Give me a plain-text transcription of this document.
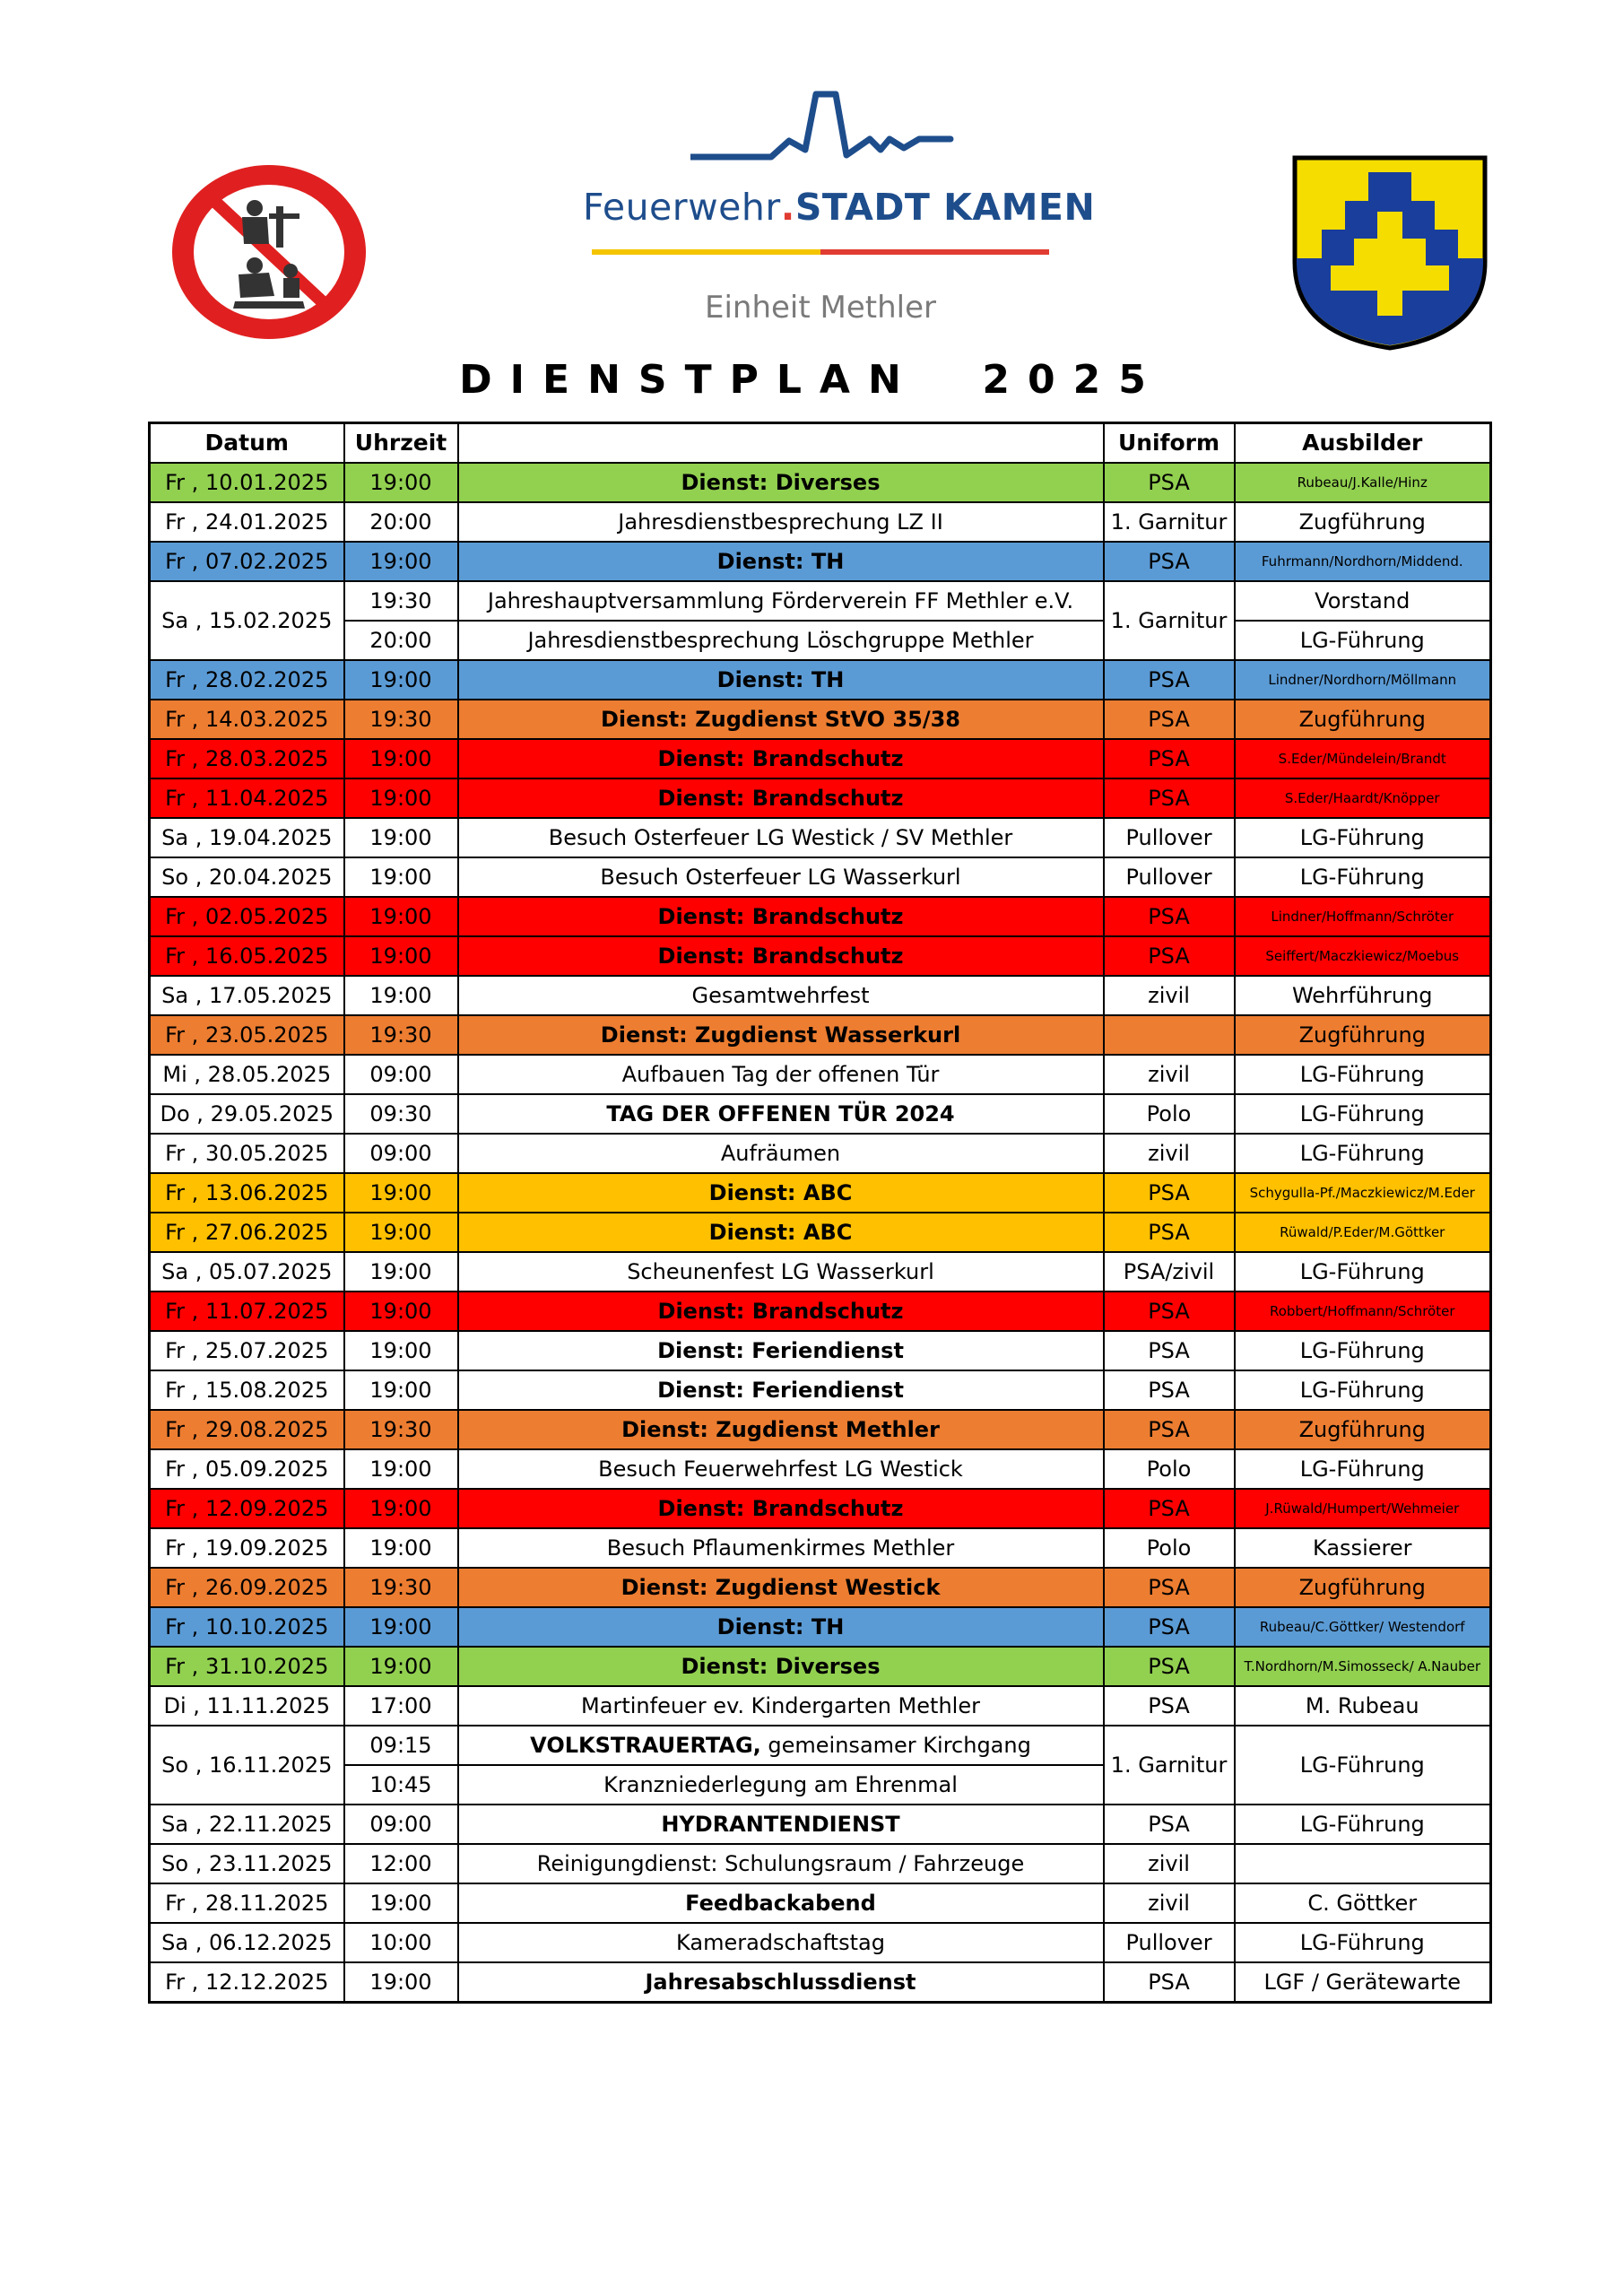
Feuerwehr.STADT KAMEN
Einheit Methler
DIENSTPLAN  2025
Datum	Uhrzeit		Uniform	Ausbilder
Fr , 10.01.2025	19:00	Dienst: Diverses	PSA	Rubeau/J.Kalle/Hinz
Fr , 24.01.2025	20:00	Jahresdienstbesprechung LZ II	1. Garnitur	Zugführung
Fr , 07.02.2025	19:00	Dienst: TH	PSA	Fuhrmann/Nordhorn/Middend.
Sa , 15.02.2025	19:30	Jahreshauptversammlung Förderverein FF Methler e.V.	1. Garnitur	Vorstand
	20:00	Jahresdienstbesprechung Löschgruppe Methler		LG-Führung
Fr , 28.02.2025	19:00	Dienst: TH	PSA	Lindner/Nordhorn/Möllmann
Fr , 14.03.2025	19:30	Dienst: Zugdienst StVO 35/38	PSA	Zugführung
Fr , 28.03.2025	19:00	Dienst: Brandschutz	PSA	S.Eder/Mündelein/Brandt
Fr , 11.04.2025	19:00	Dienst: Brandschutz	PSA	S.Eder/Haardt/Knöpper
Sa , 19.04.2025	19:00	Besuch Osterfeuer LG Westick / SV Methler	Pullover	LG-Führung
So , 20.04.2025	19:00	Besuch Osterfeuer LG Wasserkurl	Pullover	LG-Führung
Fr , 02.05.2025	19:00	Dienst: Brandschutz	PSA	Lindner/Hoffmann/Schröter
Fr , 16.05.2025	19:00	Dienst: Brandschutz	PSA	Seiffert/Maczkiewicz/Moebus
Sa , 17.05.2025	19:00	Gesamtwehrfest	zivil	Wehrführung
Fr , 23.05.2025	19:30	Dienst: Zugdienst Wasserkurl		Zugführung
Mi , 28.05.2025	09:00	Aufbauen Tag der offenen Tür	zivil	LG-Führung
Do , 29.05.2025	09:30	TAG DER OFFENEN TÜR 2024	Polo	LG-Führung
Fr , 30.05.2025	09:00	Aufräumen	zivil	LG-Führung
Fr , 13.06.2025	19:00	Dienst: ABC	PSA	Schygulla-Pf./Maczkiewicz/M.Eder
Fr , 27.06.2025	19:00	Dienst: ABC	PSA	Rüwald/P.Eder/M.Göttker
Sa , 05.07.2025	19:00	Scheunenfest LG Wasserkurl	PSA/zivil	LG-Führung
Fr , 11.07.2025	19:00	Dienst: Brandschutz	PSA	Robbert/Hoffmann/Schröter
Fr , 25.07.2025	19:00	Dienst: Feriendienst	PSA	LG-Führung
Fr , 15.08.2025	19:00	Dienst: Feriendienst	PSA	LG-Führung
Fr , 29.08.2025	19:30	Dienst: Zugdienst Methler	PSA	Zugführung
Fr , 05.09.2025	19:00	Besuch Feuerwehrfest LG Westick	Polo	LG-Führung
Fr , 12.09.2025	19:00	Dienst: Brandschutz	PSA	J.Rüwald/Humpert/Wehmeier
Fr , 19.09.2025	19:00	Besuch Pflaumenkirmes Methler	Polo	Kassierer
Fr , 26.09.2025	19:30	Dienst: Zugdienst Westick	PSA	Zugführung
Fr , 10.10.2025	19:00	Dienst: TH	PSA	Rubeau/C.Göttker/ Westendorf
Fr , 31.10.2025	19:00	Dienst: Diverses	PSA	T.Nordhorn/M.Simosseck/ A.Nauber
Di , 11.11.2025	17:00	Martinfeuer ev. Kindergarten Methler	PSA	M. Rubeau
So , 16.11.2025	09:15	VOLKSTRAUERTAG, gemeinsamer Kirchgang	1. Garnitur	LG-Führung
	10:45	Kranzniederlegung am Ehrenmal		
Sa , 22.11.2025	09:00	HYDRANTENDIENST	PSA	LG-Führung
So , 23.11.2025	12:00	Reinigungdienst: Schulungsraum / Fahrzeuge	zivil	
Fr , 28.11.2025	19:00	Feedbackabend	zivil	C. Göttker
Sa , 06.12.2025	10:00	Kameradschaftstag	Pullover	LG-Führung
Fr , 12.12.2025	19:00	Jahresabschlussdienst	PSA	LGF / Gerätewarte
